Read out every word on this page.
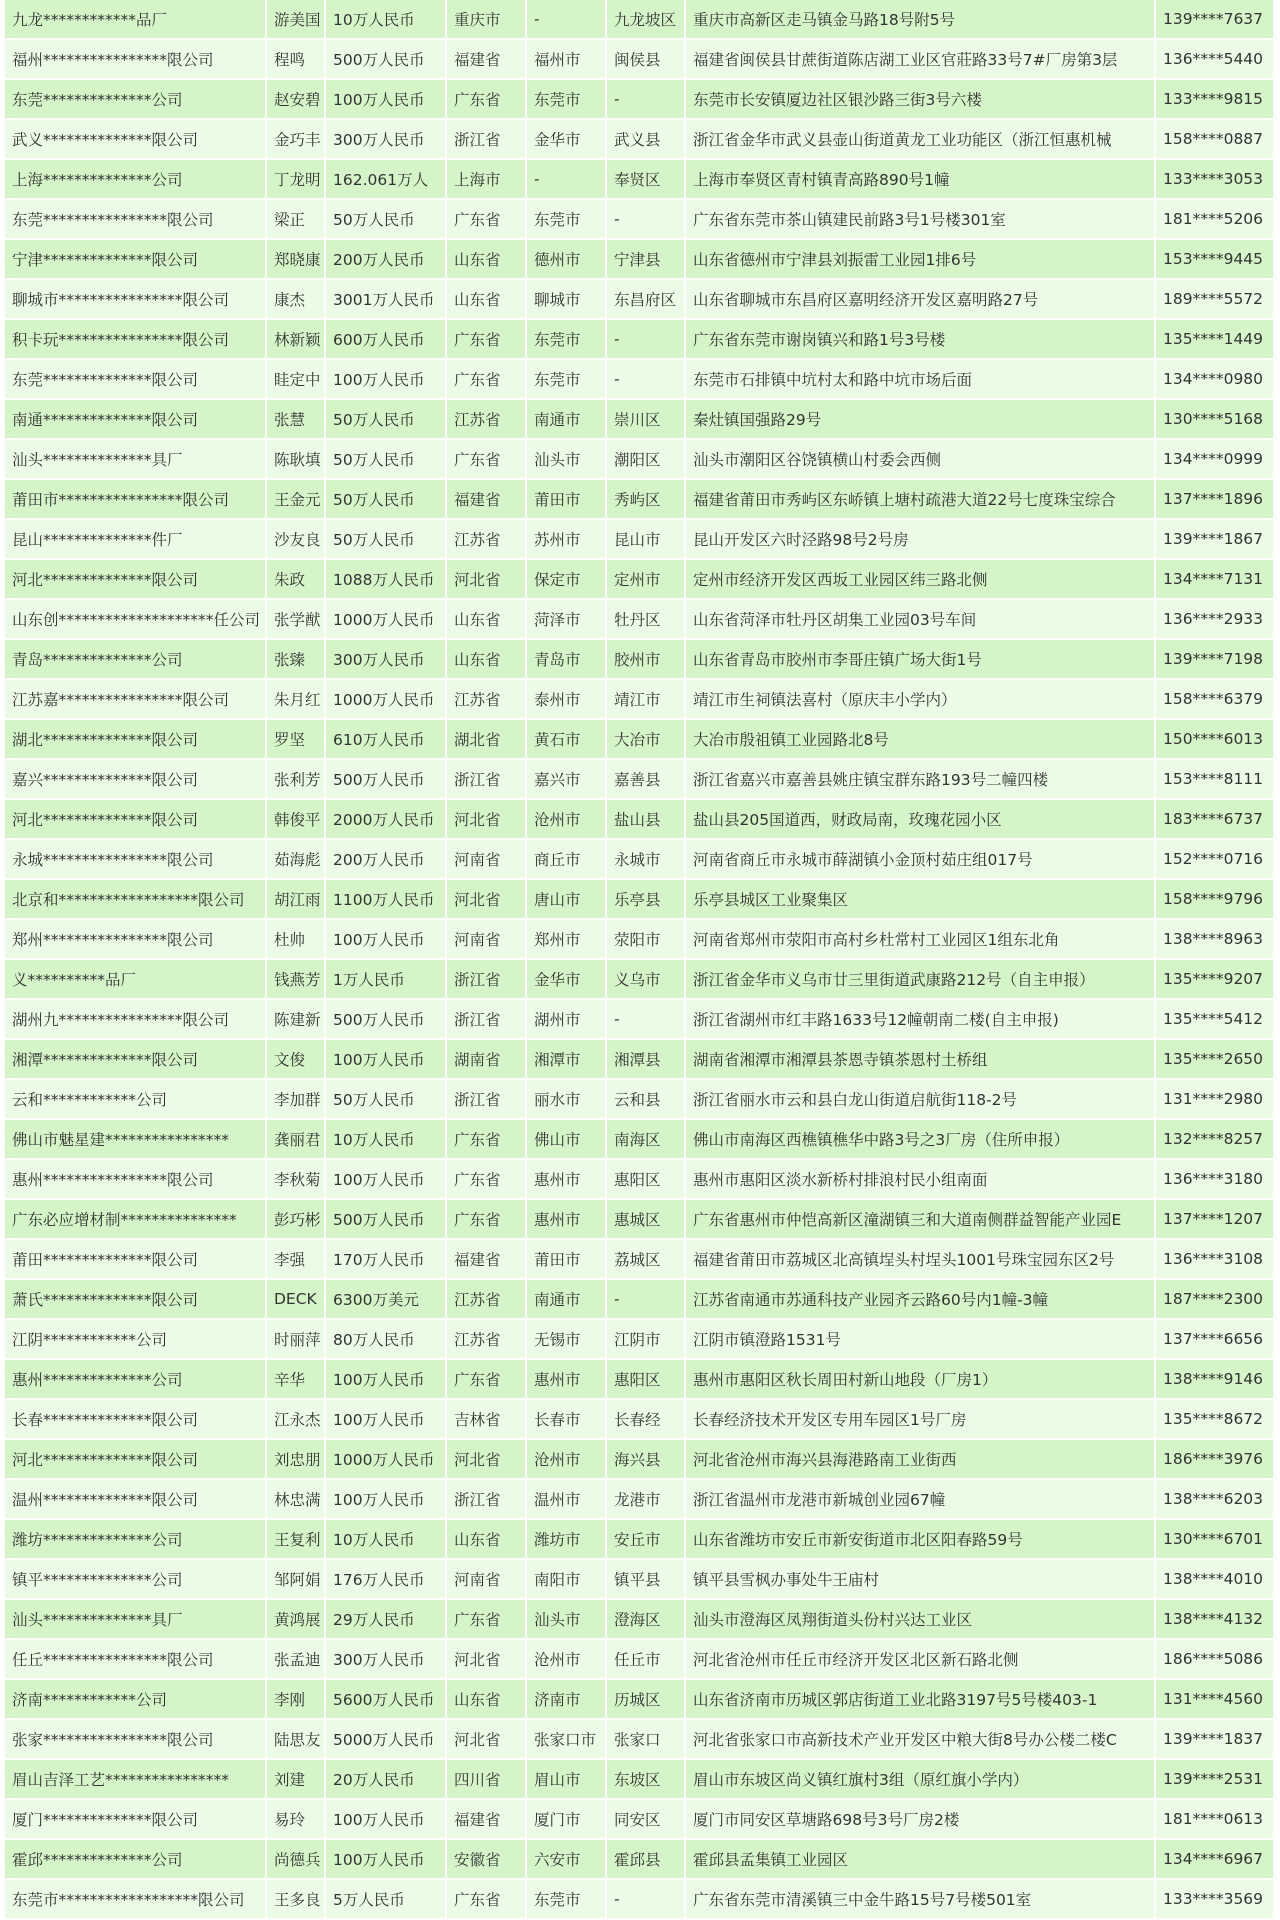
九龙************品厂	游美国	10万人民币	重庆市	-	九龙坡区	重庆市高新区走马镇金马路18号附5号	139****7637
福州****************限公司	程鸣	500万人民币	福建省	福州市	闽侯县	福建省闽侯县甘蔗街道陈店湖工业区官莊路33号7#厂房第3层	136****5440
东莞**************公司	赵安碧	100万人民币	广东省	东莞市	-	东莞市长安镇厦边社区银沙路三街3号六楼	133****9815
武义**************限公司	金巧丰	300万人民币	浙江省	金华市	武义县	浙江省金华市武义县壶山街道黄龙工业功能区（浙江恒惠机械	158****0887
上海**************公司	丁龙明	162.061万人	上海市	-	奉贤区	上海市奉贤区青村镇青高路890号1幢	133****3053
东莞****************限公司	梁正	50万人民币	广东省	东莞市	-	广东省东莞市茶山镇建民前路3号1号楼301室	181****5206
宁津**************限公司	郑晓康	200万人民币	山东省	德州市	宁津县	山东省德州市宁津县刘振雷工业园1排6号	153****9445
聊城市****************限公司	康杰	3001万人民币	山东省	聊城市	东昌府区	山东省聊城市东昌府区嘉明经济开发区嘉明路27号	189****5572
积卡玩****************限公司	林新颖	600万人民币	广东省	东莞市	-	广东省东莞市谢岗镇兴和路1号3号楼	135****1449
东莞**************限公司	眭定中	100万人民币	广东省	东莞市	-	东莞市石排镇中坑村太和路中坑市场后面	134****0980
南通**************限公司	张慧	50万人民币	江苏省	南通市	崇川区	秦灶镇国强路29号	130****5168
汕头**************具厂	陈耿填	50万人民币	广东省	汕头市	潮阳区	汕头市潮阳区谷饶镇横山村委会西侧	134****0999
莆田市****************限公司	王金元	50万人民币	福建省	莆田市	秀屿区	福建省莆田市秀屿区东峤镇上塘村疏港大道22号七度珠宝综合	137****1896
昆山**************件厂	沙友良	50万人民币	江苏省	苏州市	昆山市	昆山开发区六时泾路98号2号房	139****1867
河北**************限公司	朱政	1088万人民币	河北省	保定市	定州市	定州市经济开发区西坂工业园区纬三路北侧	134****7131
山东创********************任公司	张学猷	1000万人民币	山东省	菏泽市	牡丹区	山东省菏泽市牡丹区胡集工业园03号车间	136****2933
青岛**************公司	张臻	300万人民币	山东省	青岛市	胶州市	山东省青岛市胶州市李哥庄镇广场大街1号	139****7198
江苏嘉****************限公司	朱月红	1000万人民币	江苏省	泰州市	靖江市	靖江市生祠镇法喜村（原庆丰小学内）	158****6379
湖北**************限公司	罗坚	610万人民币	湖北省	黄石市	大冶市	大冶市殷祖镇工业园路北8号	150****6013
嘉兴**************限公司	张利芳	500万人民币	浙江省	嘉兴市	嘉善县	浙江省嘉兴市嘉善县姚庄镇宝群东路193号二幢四楼	153****8111
河北**************限公司	韩俊平	2000万人民币	河北省	沧州市	盐山县	盐山县205国道西，财政局南，玫瑰花园小区	183****6737
永城****************限公司	茹海彪	200万人民币	河南省	商丘市	永城市	河南省商丘市永城市薛湖镇小金顶村茹庄组017号	152****0716
北京和******************限公司	胡江雨	1100万人民币	河北省	唐山市	乐亭县	乐亭县城区工业聚集区	158****9796
郑州****************限公司	杜帅	100万人民币	河南省	郑州市	荥阳市	河南省郑州市荥阳市高村乡杜常村工业园区1组东北角	138****8963
义**********品厂	钱燕芳	1万人民币	浙江省	金华市	义乌市	浙江省金华市义乌市廿三里街道武康路212号（自主申报）	135****9207
湖州九****************限公司	陈建新	500万人民币	浙江省	湖州市	-	浙江省湖州市红丰路1633号12幢朝南二楼(自主申报)	135****5412
湘潭**************限公司	文俊	100万人民币	湖南省	湘潭市	湘潭县	湖南省湘潭市湘潭县茶恩寺镇茶恩村土桥组	135****2650
云和************公司	李加群	50万人民币	浙江省	丽水市	云和县	浙江省丽水市云和县白龙山街道启航街118-2号	131****2980
佛山市魅星建****************	龚丽君	10万人民币	广东省	佛山市	南海区	佛山市南海区西樵镇樵华中路3号之3厂房（住所申报）	132****8257
惠州****************限公司	李秋菊	100万人民币	广东省	惠州市	惠阳区	惠州市惠阳区淡水新桥村排浪村民小组南面	136****3180
广东必应增材制***************	彭巧彬	500万人民币	广东省	惠州市	惠城区	广东省惠州市仲恺高新区潼湖镇三和大道南侧群益智能产业园E	137****1207
莆田**************限公司	李强	170万人民币	福建省	莆田市	荔城区	福建省莆田市荔城区北高镇埕头村埕头1001号珠宝园东区2号	136****3108
萧氏**************限公司	DECK	6300万美元	江苏省	南通市	-	江苏省南通市苏通科技产业园齐云路60号内1幢-3幢	187****2300
江阴************公司	时丽萍	80万人民币	江苏省	无锡市	江阴市	江阴市镇澄路1531号	137****6656
惠州**************公司	辛华	100万人民币	广东省	惠州市	惠阳区	惠州市惠阳区秋长周田村新山地段（厂房1）	138****9146
长春**************限公司	江永杰	100万人民币	吉林省	长春市	长春经	长春经济技术开发区专用车园区1号厂房	135****8672
河北**************限公司	刘忠朋	1000万人民币	河北省	沧州市	海兴县	河北省沧州市海兴县海港路南工业街西	186****3976
温州**************限公司	林忠满	100万人民币	浙江省	温州市	龙港市	浙江省温州市龙港市新城创业园67幢	138****6203
潍坊**************公司	王复利	10万人民币	山东省	潍坊市	安丘市	山东省潍坊市安丘市新安街道市北区阳春路59号	130****6701
镇平**************公司	邹阿娟	176万人民币	河南省	南阳市	镇平县	镇平县雪枫办事处牛王庙村	138****4010
汕头**************具厂	黄鸿展	29万人民币	广东省	汕头市	澄海区	汕头市澄海区凤翔街道头份村兴达工业区	138****4132
任丘****************限公司	张孟迪	300万人民币	河北省	沧州市	任丘市	河北省沧州市任丘市经济开发区北区新石路北侧	186****5086
济南************公司	李刚	5600万人民币	山东省	济南市	历城区	山东省济南市历城区郭店街道工业北路3197号5号楼403-1	131****4560
张家****************限公司	陆思友	5000万人民币	河北省	张家口市	张家口	河北省张家口市高新技术产业开发区中粮大街8号办公楼二楼C	139****1837
眉山吉泽工艺****************	刘建	20万人民币	四川省	眉山市	东坡区	眉山市东坡区尚义镇红旗村3组（原红旗小学内）	139****2531
厦门**************限公司	易玲	100万人民币	福建省	厦门市	同安区	厦门市同安区草塘路698号3号厂房2楼	181****0613
霍邱**************公司	尚德兵	100万人民币	安徽省	六安市	霍邱县	霍邱县孟集镇工业园区	134****6967
东莞市******************限公司	王多良	5万人民币	广东省	东莞市	-	广东省东莞市清溪镇三中金牛路15号7号楼501室	133****3569
